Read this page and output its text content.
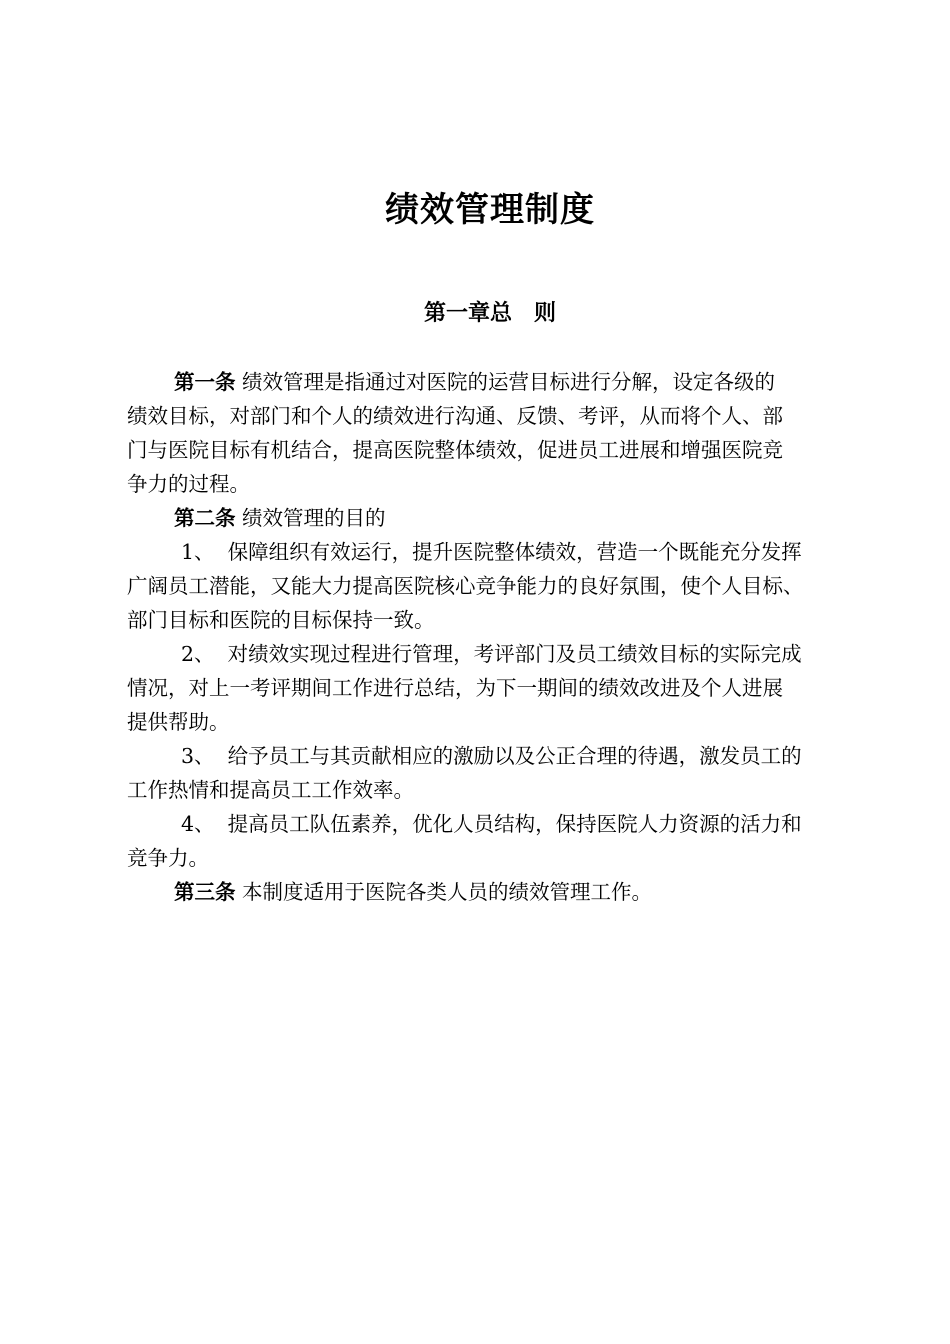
绩效管理制度
第一章总　则

第一条 绩效管理是指通过对医院的运营目标进行分解，设定各级的

绩效目标，对部门和个人的绩效进行沟通、反馈、考评，从而将个人、部

门与医院目标有机结合，提高医院整体绩效，促进员工进展和增强医院竞

争力的过程。

第二条 绩效管理的目的

1、 保障组织有效运行，提升医院整体绩效，营造一个既能充分发挥

广阔员工潜能，又能大力提高医院核心竞争能力的良好氛围，使个人目标、

部门目标和医院的目标保持一致。

2、 对绩效实现过程进行管理，考评部门及员工绩效目标的实际完成

情况，对上一考评期间工作进行总结，为下一期间的绩效改进及个人进展

提供帮助。

3、 给予员工与其贡献相应的激励以及公正合理的待遇，激发员工的

工作热情和提高员工工作效率。

4、 提高员工队伍素养，优化人员结构，保持医院人力资源的活力和

竞争力。

第三条 本制度适用于医院各类人员的绩效管理工作。
